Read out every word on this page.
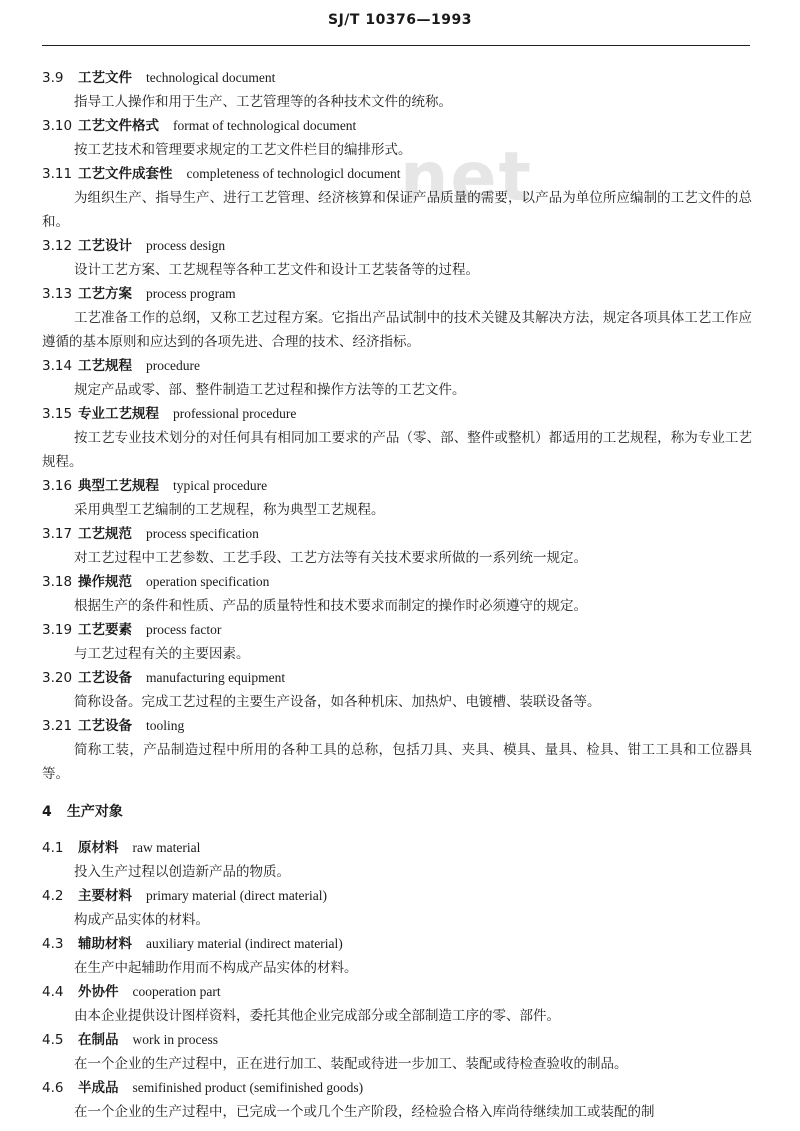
net
SJ/T 10376—1993
3.9 工艺文件 technological document
指导工人操作和用于生产、工艺管理等的各种技术文件的统称。
3.10 工艺文件格式 format of technological document
按工艺技术和管理要求规定的工艺文件栏目的编排形式。
3.11 工艺文件成套性 completeness of technologicl document
为组织生产、指导生产、进行工艺管理、经济核算和保证产品质量的需要，以产品为单位所应编制的工艺文件的总和。
3.12 工艺设计 process design
设计工艺方案、工艺规程等各种工艺文件和设计工艺装备等的过程。
3.13 工艺方案 process program
工艺准备工作的总纲，又称工艺过程方案。它指出产品试制中的技术关键及其解决方法，规定各项具体工艺工作应遵循的基本原则和应达到的各项先进、合理的技术、经济指标。
3.14 工艺规程 procedure
规定产品或零、部、整件制造工艺过程和操作方法等的工艺文件。
3.15 专业工艺规程 professional procedure
按工艺专业技术划分的对任何具有相同加工要求的产品（零、部、整件或整机）都适用的工艺规程，称为专业工艺规程。
3.16 典型工艺规程 typical procedure
采用典型工艺编制的工艺规程，称为典型工艺规程。
3.17 工艺规范 process specification
对工艺过程中工艺参数、工艺手段、工艺方法等有关技术要求所做的一系列统一规定。
3.18 操作规范 operation specification
根据生产的条件和性质、产品的质量特性和技术要求而制定的操作时必须遵守的规定。
3.19 工艺要素 process factor
与工艺过程有关的主要因素。
3.20 工艺设备 manufacturing equipment
简称设备。完成工艺过程的主要生产设备，如各种机床、加热炉、电镀槽、装联设备等。
3.21 工艺设备 tooling
简称工装，产品制造过程中所用的各种工具的总称，包括刀具、夹具、模具、量具、检具、钳工工具和工位器具等。
4 生产对象
4.1 原材料 raw material
投入生产过程以创造新产品的物质。
4.2 主要材料 primary material (direct material)
构成产品实体的材料。
4.3 辅助材料 auxiliary material (indirect material)
在生产中起辅助作用而不构成产品实体的材料。
4.4 外协件 cooperation part
由本企业提供设计图样资料，委托其他企业完成部分或全部制造工序的零、部件。
4.5 在制品 work in process
在一个企业的生产过程中，正在进行加工、装配或待进一步加工、装配或待检查验收的制品。
4.6 半成品 semifinished product (semifinished goods)
在一个企业的生产过程中，已完成一个或几个生产阶段，经检验合格入库尚待继续加工或装配的制
